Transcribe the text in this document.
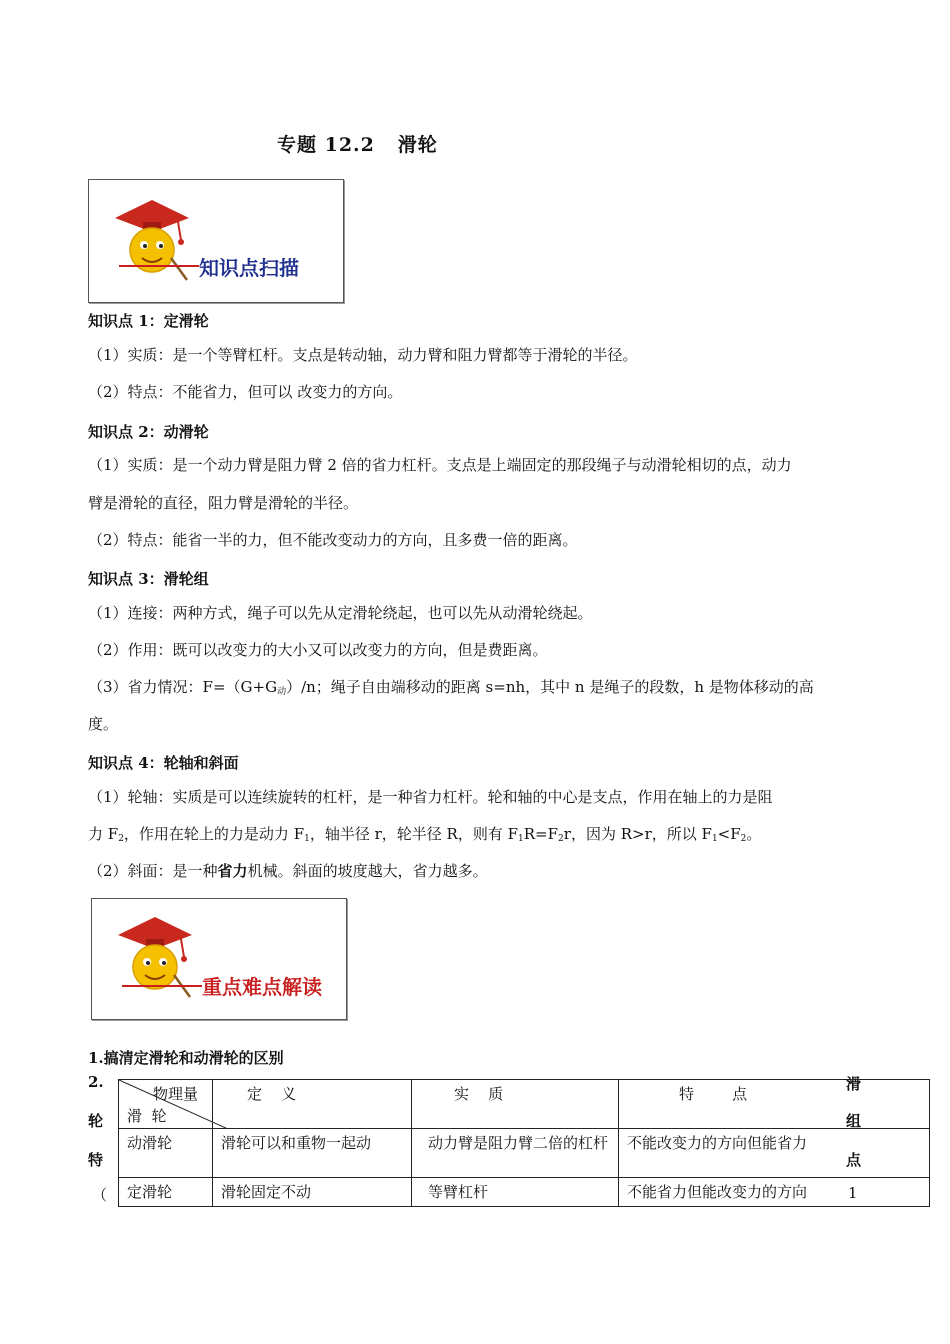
专题 12.2   滑轮
知识点扫描
知识点 1：定滑轮
（1）实质：是一个等臂杠杆。支点是转动轴，动力臂和阻力臂都等于滑轮的半径。
（2）特点：不能省力，但可以 改变力的方向。
知识点 2：动滑轮
（1）实质：是一个动力臂是阻力臂 2 倍的省力杠杆。支点是上端固定的那段绳子与动滑轮相切的点，动力
臂是滑轮的直径，阻力臂是滑轮的半径。
（2）特点：能省一半的力，但不能改变动力的方向，且多费一倍的距离。
知识点 3：滑轮组
（1）连接：两种方式，绳子可以先从定滑轮绕起，也可以先从动滑轮绕起。
（2）作用：既可以改变力的大小又可以改变力的方向，但是费距离。
（3）省力情况：$F=(G+G_动)/n$；绳子自由端移动的距离 s=nh，其中 n 是绳子的段数，h 是物体移动的高
度。
知识点 4：轮轴和斜面
（1）轮轴：实质是可以连续旋转的杠杆，是一种省力杠杆。轮和轴的中心是支点，作用在轴上的力是阻
力 $F_2$，作用在轮上的力是动力 $F_1$，轴半径 r，轮半径 R，则有 $F_1R=F_2r$，因为 R>r，所以 $F_1<F_2$。
（2）斜面：是一种省力机械。斜面的坡度越大，省力越多。
重点难点解读
1.搞清定滑轮和动滑轮的区别
2.
轮
特
（
滑
组
点
1
物理量
滑  轮	定    义	实    质	特        点
动滑轮	滑轮可以和重物一起动	动力臂是阻力臂二倍的杠杆	不能改变力的方向但能省力
定滑轮	滑轮固定不动	等臂杠杆	不能省力但能改变力的方向
